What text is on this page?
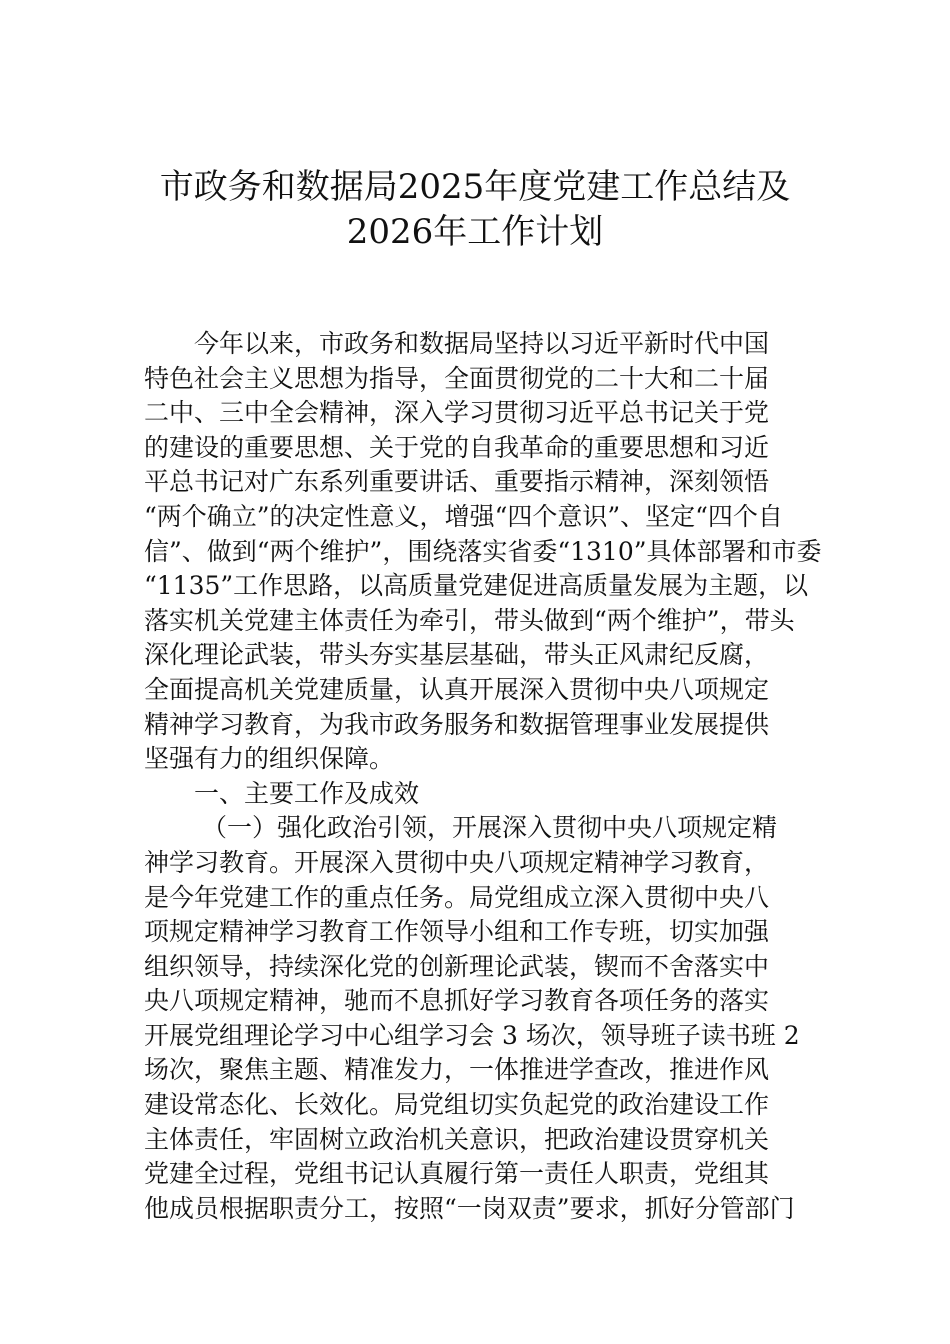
市政务和数据局2025年度党建工作总结及
2026年工作计划
今年以来，市政务和数据局坚持以习近平新时代中国
特色社会主义思想为指导，全面贯彻党的二十大和二十届
二中、三中全会精神，深入学习贯彻习近平总书记关于党
的建设的重要思想、关于党的自我革命的重要思想和习近
平总书记对广东系列重要讲话、重要指示精神，深刻领悟
“两个确立”的决定性意义，增强“四个意识”、坚定“四个自
信”、做到“两个维护”，围绕落实省委“1310”具体部署和市委
“1135”工作思路，以高质量党建促进高质量发展为主题，以
落实机关党建主体责任为牵引，带头做到“两个维护”，带头
深化理论武装，带头夯实基层基础，带头正风肃纪反腐，
全面提高机关党建质量，认真开展深入贯彻中央八项规定
精神学习教育，为我市政务服务和数据管理事业发展提供
坚强有力的组织保障。
一、主要工作及成效
（一）强化政治引领，开展深入贯彻中央八项规定精
神学习教育。开展深入贯彻中央八项规定精神学习教育，
是今年党建工作的重点任务。局党组成立深入贯彻中央八
项规定精神学习教育工作领导小组和工作专班，切实加强
组织领导，持续深化党的创新理论武装，锲而不舍落实中
央八项规定精神，驰而不息抓好学习教育各项任务的落实
开展党组理论学习中心组学习会 3 场次，领导班子读书班 2
场次，聚焦主题、精准发力，一体推进学查改，推进作风
建设常态化、长效化。局党组切实负起党的政治建设工作
主体责任，牢固树立政治机关意识，把政治建设贯穿机关
党建全过程，党组书记认真履行第一责任人职责，党组其
他成员根据职责分工，按照“一岗双责”要求，抓好分管部门
